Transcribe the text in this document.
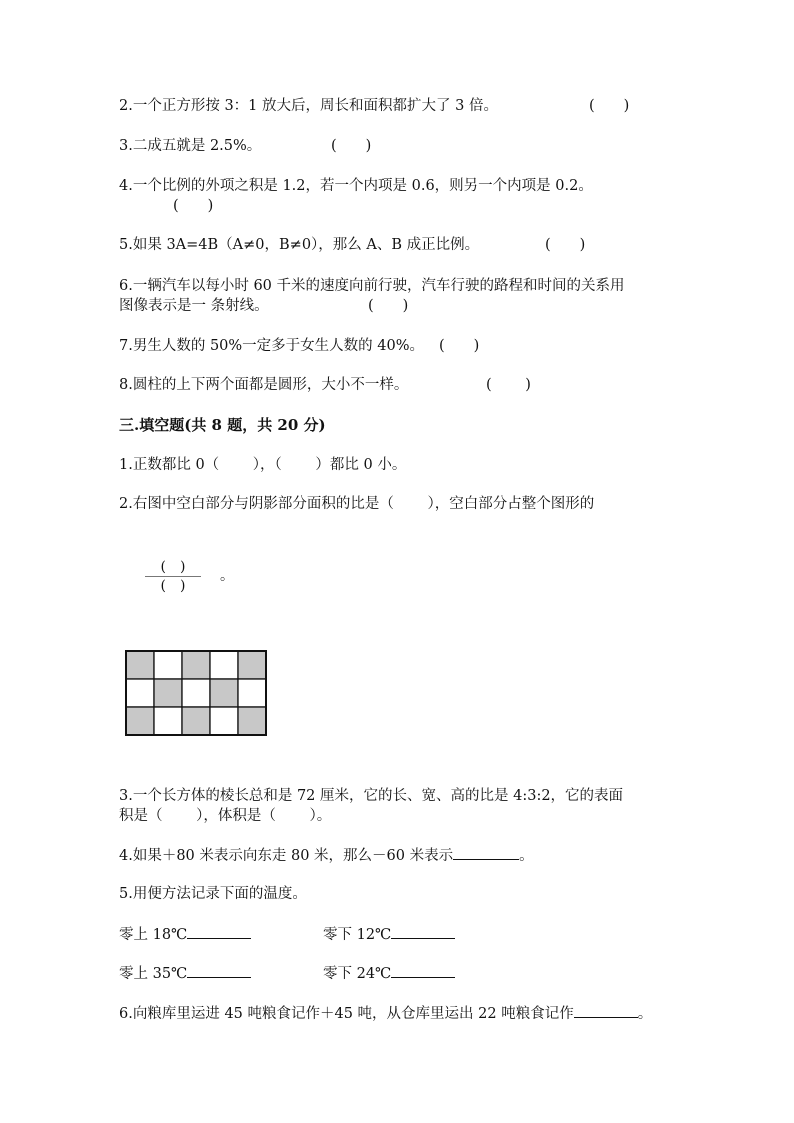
2.一个正方形按 3：1 放大后，周长和面积都扩大了 3 倍。	(　　)
3.二成五就是 2.5%。	(　　)
4.一个比例的外项之积是 1.2，若一个内项是 0.6，则另一个内项是 0.2。
(　　)
5.如果 3A=4B（A≠0，B≠0），那么 A、B 成正比例。	(　　)
6.一辆汽车以每小时 60 千米的速度向前行驶，汽车行驶的路程和时间的关系用
图像表示是一 条射线。	(　　)
7.男生人数的 50%一定多于女生人数的 40%。 (　　)
8.圆柱的上下两个面都是圆形，大小不一样。	(　　 )
三.填空题(共 8 题，共 20 分)
1.正数都比 0（　　 ），（　　 ）都比 0 小。
2.右图中空白部分与阴影部分面积的比是（　　 ），空白部分占整个图形的
(　)
(　)
。
3.一个长方体的棱长总和是 72 厘米，它的长、宽、高的比是 4:3:2，它的表面
积是（　　 ），体积是（　　 ）。
4.如果＋80 米表示向东走 80 米，那么－60 米表示	。
5.用便方法记录下面的温度。
零上 18℃	零下 12℃
零上 35℃	零下 24℃
6.向粮库里运进 45 吨粮食记作＋45 吨，从仓库里运出 22 吨粮食记作	。
